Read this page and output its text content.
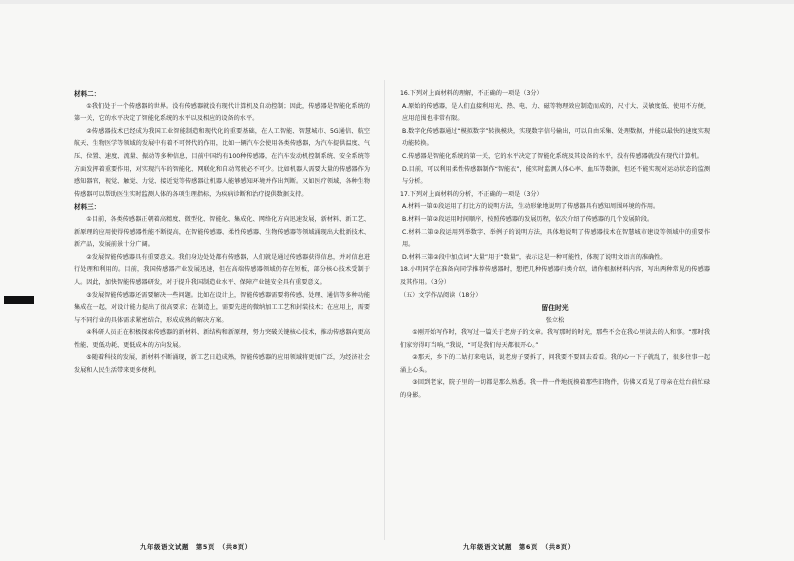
材料二：

①我们处于一个传感器的世界。没有传感器就没有现代计算机及自动控制；因此，传感器是智能化系统的第一关，它的水平决定了智能化系统的水平以及相应的设备的水平。

②传感器技术已经成为我国工业智能制造和现代化的重要基础，在人工智能、智慧城市、5G通信、航空航天、生物医学等领域的发展中有着不可替代的作用，比如一辆汽车会使用各类传感器，为汽车提供温度、气压、位置、速度、流量、振动等多种信息，目前中国约有100种传感器，在汽车发动机控制系统、安全系统等方面发挥着重要作用，对实现汽车的智能化、网联化和自动驾驶必不可少。比如机器人需要大量的传感器作为感知器官，视觉、触觉、力觉、接近觉等传感器让机器人能够感知环境并作出判断。又如医疗领域，各种生物传感器可以帮助医生实时监测人体的各项生理指标，为疾病诊断和治疗提供数据支持。

材料三：

①目前，各类传感器正朝着高精度、微型化、智能化、集成化、网络化方向迅速发展，新材料、新工艺、新原理的应用使得传感器性能不断提高，在智能传感器、柔性传感器、生物传感器等领域涌现出大批新技术、新产品，发展前景十分广阔。

②发展智能传感器具有重要意义。我们身边处处都有传感器，人们就是通过传感器获得信息，并对信息进行处理和利用的。目前，我国传感器产业发展迅速，但在高端传感器领域仍存在短板，部分核心技术受制于人。因此，加快智能传感器研发，对于提升我国制造业水平、保障产业链安全具有重要意义。

③发展智能传感器还需要解决一些问题。比如在设计上，智能传感器需要将传感、处理、通信等多种功能集成在一起，对设计能力提出了很高要求；在制造上，需要先进的微纳加工工艺和封装技术；在应用上，需要与不同行业的具体需求紧密结合，形成成熟的解决方案。

④科研人员正在积极探索传感器的新材料、新结构和新原理，努力突破关键核心技术，推动传感器向更高性能、更低功耗、更低成本的方向发展。

⑤随着科技的发展，新材料不断涌现，新工艺日趋成熟，智能传感器的应用领域将更加广泛，为经济社会发展和人民生活带来更多便利。

16.下列对上面材料的理解，不正确的一项是（3分）

A.原始的传感器，是人们直接利用光、热、电、力、磁等物理效应制造而成的，尺寸大、灵敏度低、使用不方便，应用范围也非常有限。

B.数字化传感器通过“模拟数字”转换模块，实现数字信号输出，可以自由采集、处理数据，并能以最快的速度实现功能转换。

C.传感器是智能化系统的第一关，它的水平决定了智能化系统及其设备的水平，没有传感器就没有现代计算机。

D.目前，可以利用柔性传感器制作“智能衣”，能实时监测人体心率、血压等数据，但还不能实现对运动状态的监测与分析。

17.下列对上面材料的分析，不正确的一项是（3分）

A.材料一第①段运用了打比方的说明方法，生动形象地说明了传感器具有感知周围环境的作用。

B.材料一第②段运用时间顺序，按照传感器的发展历程，依次介绍了传感器的几个发展阶段。

C.材料二第②段运用列举数字、举例子的说明方法，具体地说明了传感器技术在智慧城市建设等领域中的重要作用。

D.材料三第②段中加点词“大量”用于“数量”，表示这是一种可能性，体现了说明文语言的准确性。

18.小明同学在准备向同学推荐传感器时，想把几种传感器归类介绍，请你根据材料内容，写出两种常见的传感器及其作用。（3分）

（五）文学作品阅读（18分）

留住时光

张立松

①刚开始写作时，我写过一篇关于老房子的文章。我写那时的时光，那些不会在我心里淡去的人和事。“那时我们家穷得叮当响，”我说，“可是我们每天都很开心。”

②那天，乡下的二姑打来电话，说老房子要拆了，问我要不要回去看看。我的心一下子就乱了，很多往事一起涌上心头。

③回到老家，院子里的一切都是那么熟悉。我一件一件地抚摸着那些旧物件，仿佛又看见了母亲在灶台前忙碌的身影。

九年级语文试题　第5页　（共8页）	九年级语文试题　第6页　（共8页）
